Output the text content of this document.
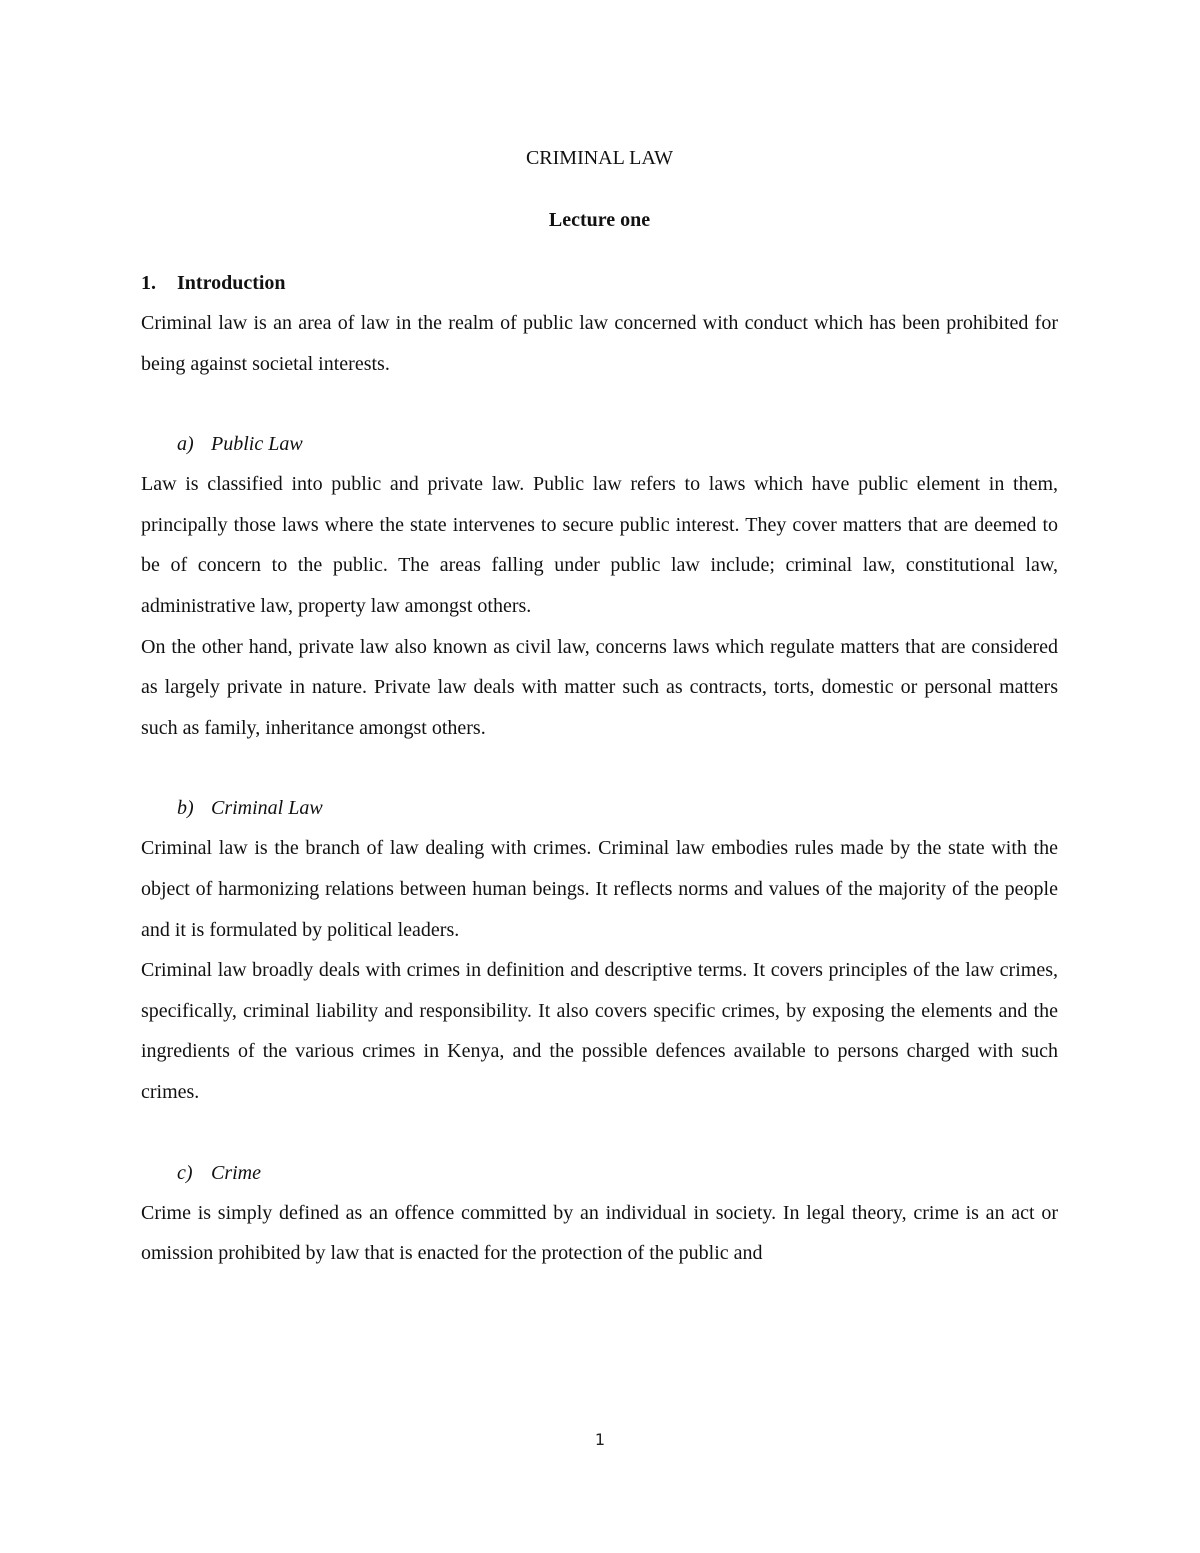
CRIMINAL LAW
Lecture one
1. Introduction

Criminal law is an area of law in the realm of public law concerned with conduct which has been prohibited for being against societal interests.

a) Public Law

Law is classified into public and private law. Public law refers to laws which have public element in them, principally those laws where the state intervenes to secure public interest. They cover matters that are deemed to be of concern to the public. The areas falling under public law include; criminal law, constitutional law, administrative law, property law amongst others.

On the other hand, private law also known as civil law, concerns laws which regulate matters that are considered as largely private in nature. Private law deals with matter such as contracts, torts, domestic or personal matters such as family, inheritance amongst others.

b) Criminal Law

Criminal law is the branch of law dealing with crimes. Criminal law embodies rules made by the state with the object of harmonizing relations between human beings. It reflects norms and values of the majority of the people and it is formulated by political leaders.

Criminal law broadly deals with crimes in definition and descriptive terms. It covers principles of the law crimes, specifically, criminal liability and responsibility. It also covers specific crimes, by exposing the elements and the ingredients of the various crimes in Kenya, and the possible defences available to persons charged with such crimes.

c) Crime

Crime is simply defined as an offence committed by an individual in society. In legal theory, crime is an act or omission prohibited by law that is enacted for the protection of the public and

1
